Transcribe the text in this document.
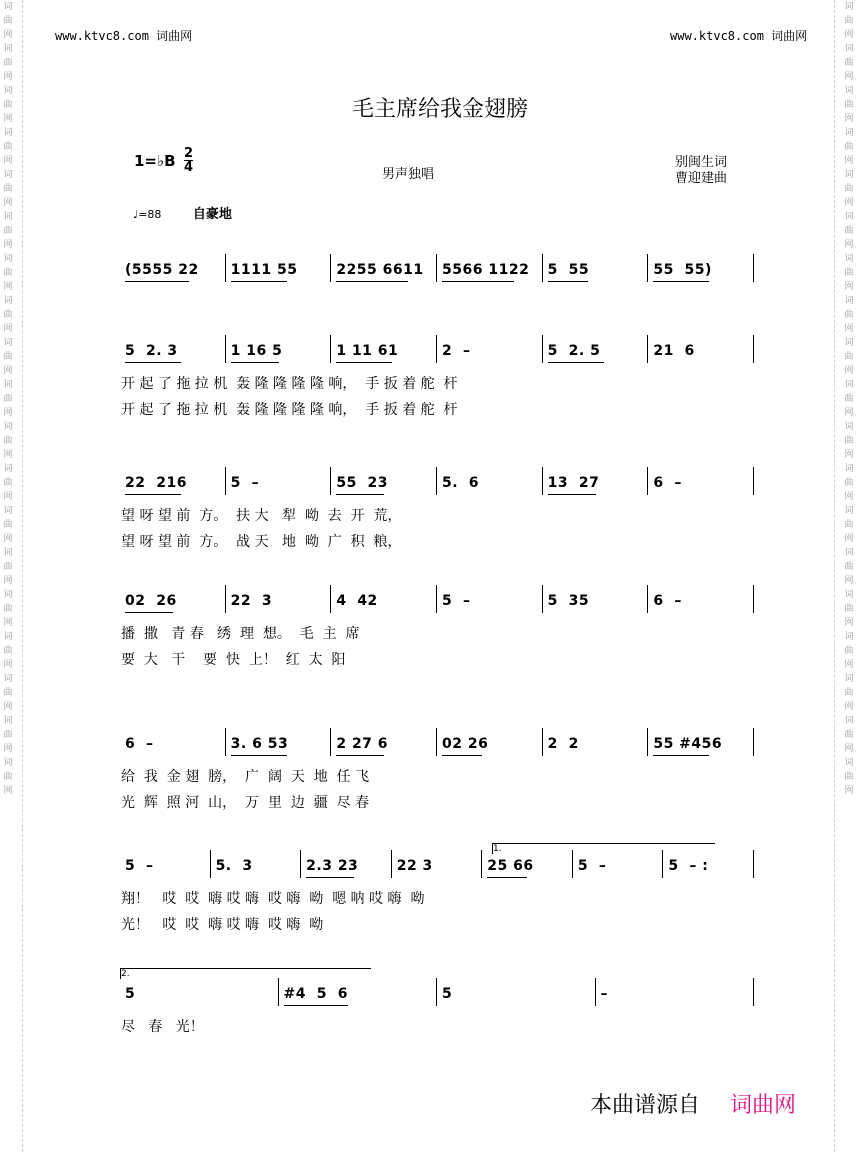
词
曲
网
词
曲
网
词
曲
网
词
曲
网
词
曲
网
词
曲
网
词
曲
网
词
曲
网
词
曲
网
词
曲
网
词
曲
网
词
曲
网
词
曲
网
词
曲
网
词
曲
网
词
曲
网
词
曲
网
词
曲
网
词
曲
网
词
曲
网
词
曲
网
词
曲
网
词
曲
网
词
曲
网
词
曲
网
词
曲
网
词
曲
网
词
曲
网
词
曲
网
词
曲
网
词
曲
网
词
曲
网
词
曲
网
词
曲
网
词
曲
网
词
曲
网
词
曲
网
词
曲
网
www.ktvc8.com 词曲网	www.ktvc8.com 词曲网
毛主席给我金翅膀
1=♭B 2
4	男声独唱
别闽生词
曹迎建曲
♩=88 自豪地
(5555 22 1111 55	2255 6611 5566 1122 5  55	55  55)
5  2. 3	1 16 5	1 11 61	2  –	5  2. 5	21  6
开 起 了 拖 拉 机  轰 隆 隆 隆 隆 响，  手 扳 着 舵  杆
开 起 了 拖 拉 机  轰 隆 隆 隆 隆 响，  手 扳 着 舵  杆
22  216	5  –	55  23	5.  6	13  27	6  –
望 呀 望 前  方。  扶 大   犁  呦  去  开  荒，
望 呀 望 前  方。  战 天   地  呦  广  积  粮，
02  26	22  3	4  42	5  –	5  35	6  –
播  撒   青 春   绣  理  想。  毛  主  席
要  大   干    要  快  上！  红  太  阳
6  –	3. 6 53	2 27 6	02 26	2  2	55 #456
给  我  金 翅  膀，  广  阔  天  地  任 飞
光  辉  照 河  山，  万  里  边  疆  尽 春
5  –	5.  3	2.3 23	22 3	25 66	5  –	5  – :
翔！   哎  哎  嗨 哎 嗨  哎 嗨  呦  嗯 呐 哎 嗨  呦
光！   哎  哎  嗨 哎 嗨  哎 嗨  呦
5	#4  5  6	5	–
尽   春   光！
1.
2.
本曲谱源自 词曲网
